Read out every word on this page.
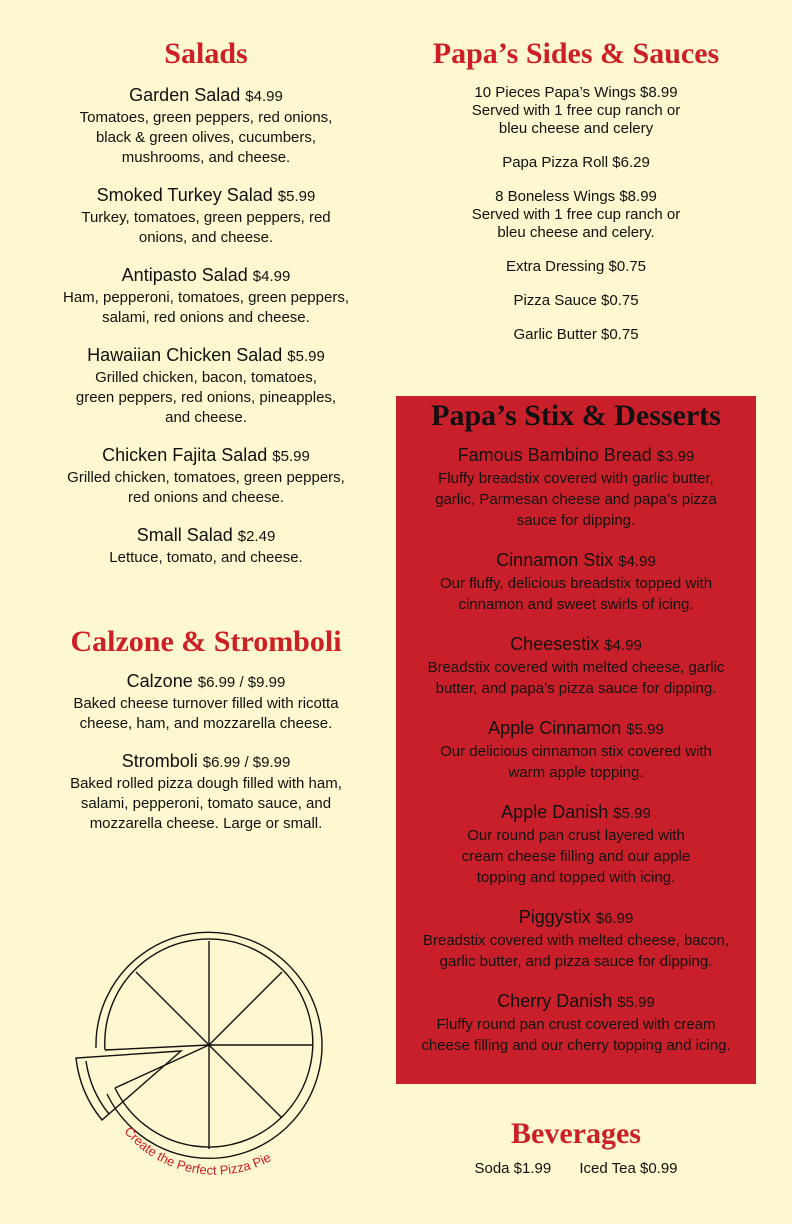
Salads
Garden Salad $4.99
Tomatoes, green peppers, red onions,
black & green olives, cucumbers,
mushrooms, and cheese.
Smoked Turkey Salad $5.99
Turkey, tomatoes, green peppers, red
onions, and cheese.
Antipasto Salad $4.99
Ham, pepperoni, tomatoes, green peppers,
salami, red onions and cheese.
Hawaiian Chicken Salad $5.99
Grilled chicken, bacon, tomatoes,
green peppers, red onions, pineapples,
and cheese.
Chicken Fajita Salad $5.99
Grilled chicken, tomatoes, green peppers,
red onions and cheese.
Small Salad $2.49
Lettuce, tomato, and cheese.
Calzone & Stromboli
Calzone $6.99 / $9.99
Baked cheese turnover filled with ricotta
cheese, ham, and mozzarella cheese.
Stromboli $6.99 / $9.99
Baked rolled pizza dough filled with ham,
salami, pepperoni, tomato sauce, and
mozzarella cheese. Large or small.
Papa’s Sides & Sauces
10 Pieces Papa’s Wings $8.99
Served with 1 free cup ranch or
bleu cheese and celery
Papa Pizza Roll $6.29
8 Boneless Wings $8.99
Served with 1 free cup ranch or
bleu cheese and celery.
Extra Dressing $0.75
Pizza Sauce $0.75
Garlic Butter $0.75
Papa’s Stix & Desserts
Famous Bambino Bread $3.99
Fluffy breadstix covered with garlic butter,
garlic, Parmesan cheese and papa’s pizza
sauce for dipping.
Cinnamon Stix $4.99
Our fluffy, delicious breadstix topped with
cinnamon and sweet swirls of icing.
Cheesestix $4.99
Breadstix covered with melted cheese, garlic
butter, and papa’s pizza sauce for dipping.
Apple Cinnamon $5.99
Our delicious cinnamon stix covered with
warm apple topping.
Apple Danish $5.99
Our round pan crust layered with
cream cheese filling and our apple
topping and topped with icing.
Piggystix $6.99
Breadstix covered with melted cheese, bacon,
garlic butter, and pizza sauce for dipping.
Cherry Danish $5.99
Fluffy round pan crust covered with cream
cheese filling and our cherry topping and icing.
Beverages
Soda $1.99 Iced Tea $0.99
Create the Perfect Pizza Pie
